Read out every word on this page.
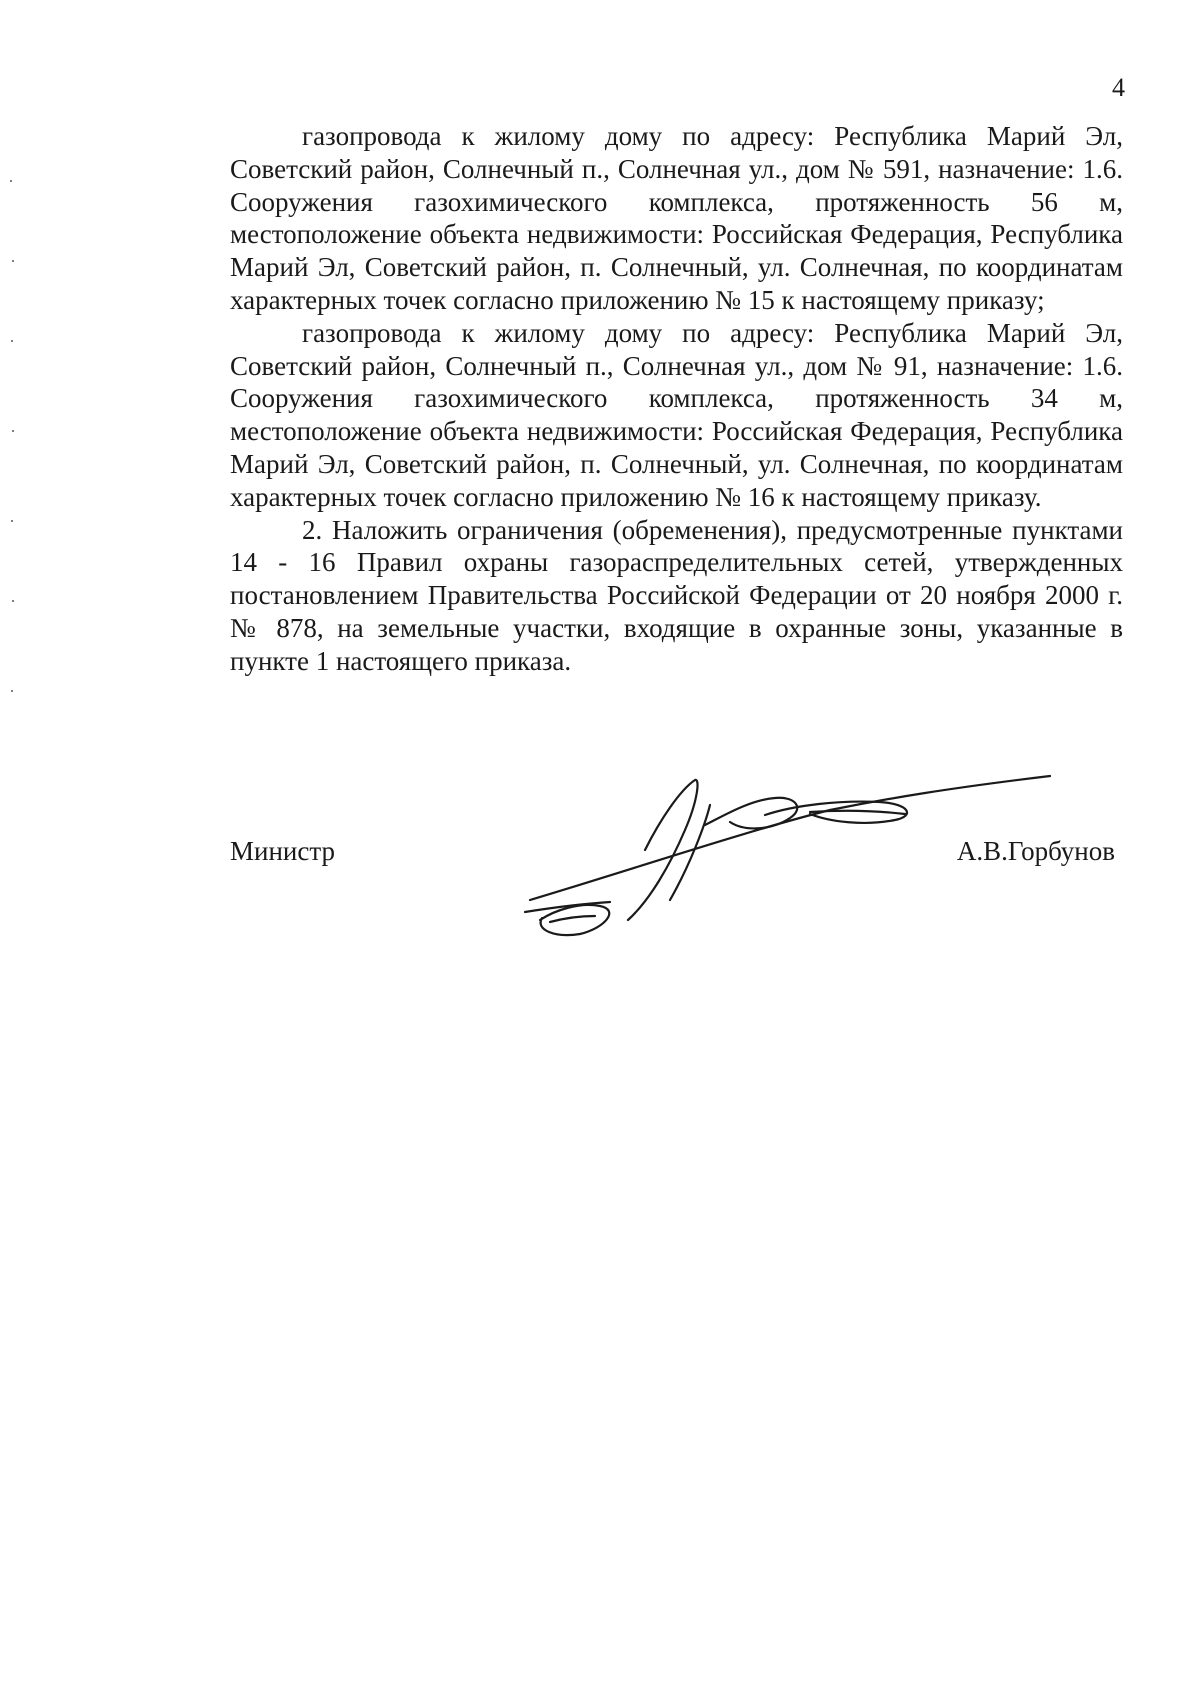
4

газопровода к жилому дому по адресу: Республика Марий Эл, Советский район, Солнечный п., Солнечная ул., дом № 591, назначение: 1.6. Сооружения газохимического комплекса, протяженность 56 м, местоположение объекта недвижимости: Российская Федерация, Республика Марий Эл, Советский район, п. Солнечный, ул. Солнечная, по координатам характерных точек согласно приложению № 15 к настоящему приказу;

газопровода к жилому дому по адресу: Республика Марий Эл, Советский район, Солнечный п., Солнечная ул., дом № 91, назначение: 1.6. Сооружения газохимического комплекса, протяженность 34 м, местоположение объекта недвижимости: Российская Федерация, Республика Марий Эл, Советский район, п. Солнечный, ул. Солнечная, по координатам характерных точек согласно приложению № 16 к настоящему приказу.

2. Наложить ограничения (обременения), предусмотренные пунктами 14 - 16 Правил охраны газораспределительных сетей, утвержденных постановлением Правительства Российской Федерации от 20 ноября 2000 г. № 878, на земельные участки, входящие в охранные зоны, указанные в пункте 1 настоящего приказа.

Министр	А.В.Горбунов
